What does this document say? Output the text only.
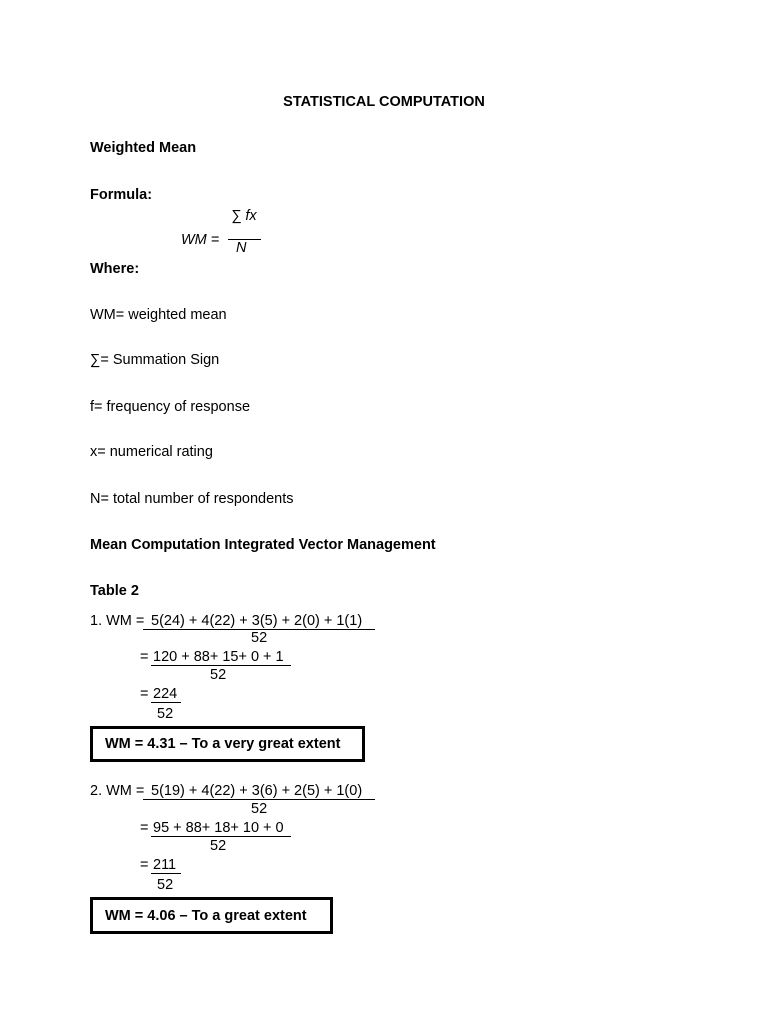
STATISTICAL COMPUTATION
Weighted Mean
Formula:
∑ fx
WM = N
Where:
WM= weighted mean
∑= Summation Sign
f= frequency of response
x= numerical rating
N= total number of respondents
Mean Computation Integrated Vector Management
Table 2
1. WM = 5(24) + 4(22) + 3(5) + 2(0) + 1(1)
52
= 120 + 88+ 15+ 0 + 1
52
= 224
52
WM = 4.31 – To a very great extent
2. WM = 5(19) + 4(22) + 3(6) + 2(5) + 1(0)
52
= 95 + 88+ 18+ 10 + 0
52
= 211
52
WM = 4.06 – To a great extent
